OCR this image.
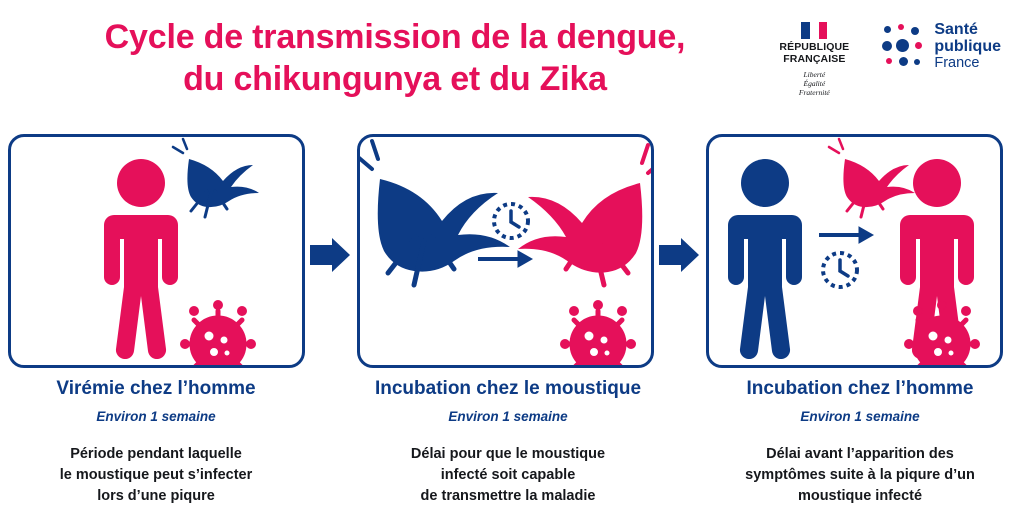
Cycle de transmission de la dengue,
du chikungunya et du Zika
RÉPUBLIQUE
FRANÇAISE
Liberté
Égalité
Fraternité
Santé
publique
France
Virémie chez l’homme
Environ 1 semaine
Période pendant laquelle
le moustique peut s’infecter
lors d’une piqure
Incubation chez le moustique
Environ 1 semaine
Délai pour que le moustique
infecté soit capable
de transmettre la maladie
Incubation chez l’homme
Environ 1 semaine
Délai avant l’apparition des
symptômes suite à la piqure d’un
moustique infecté
